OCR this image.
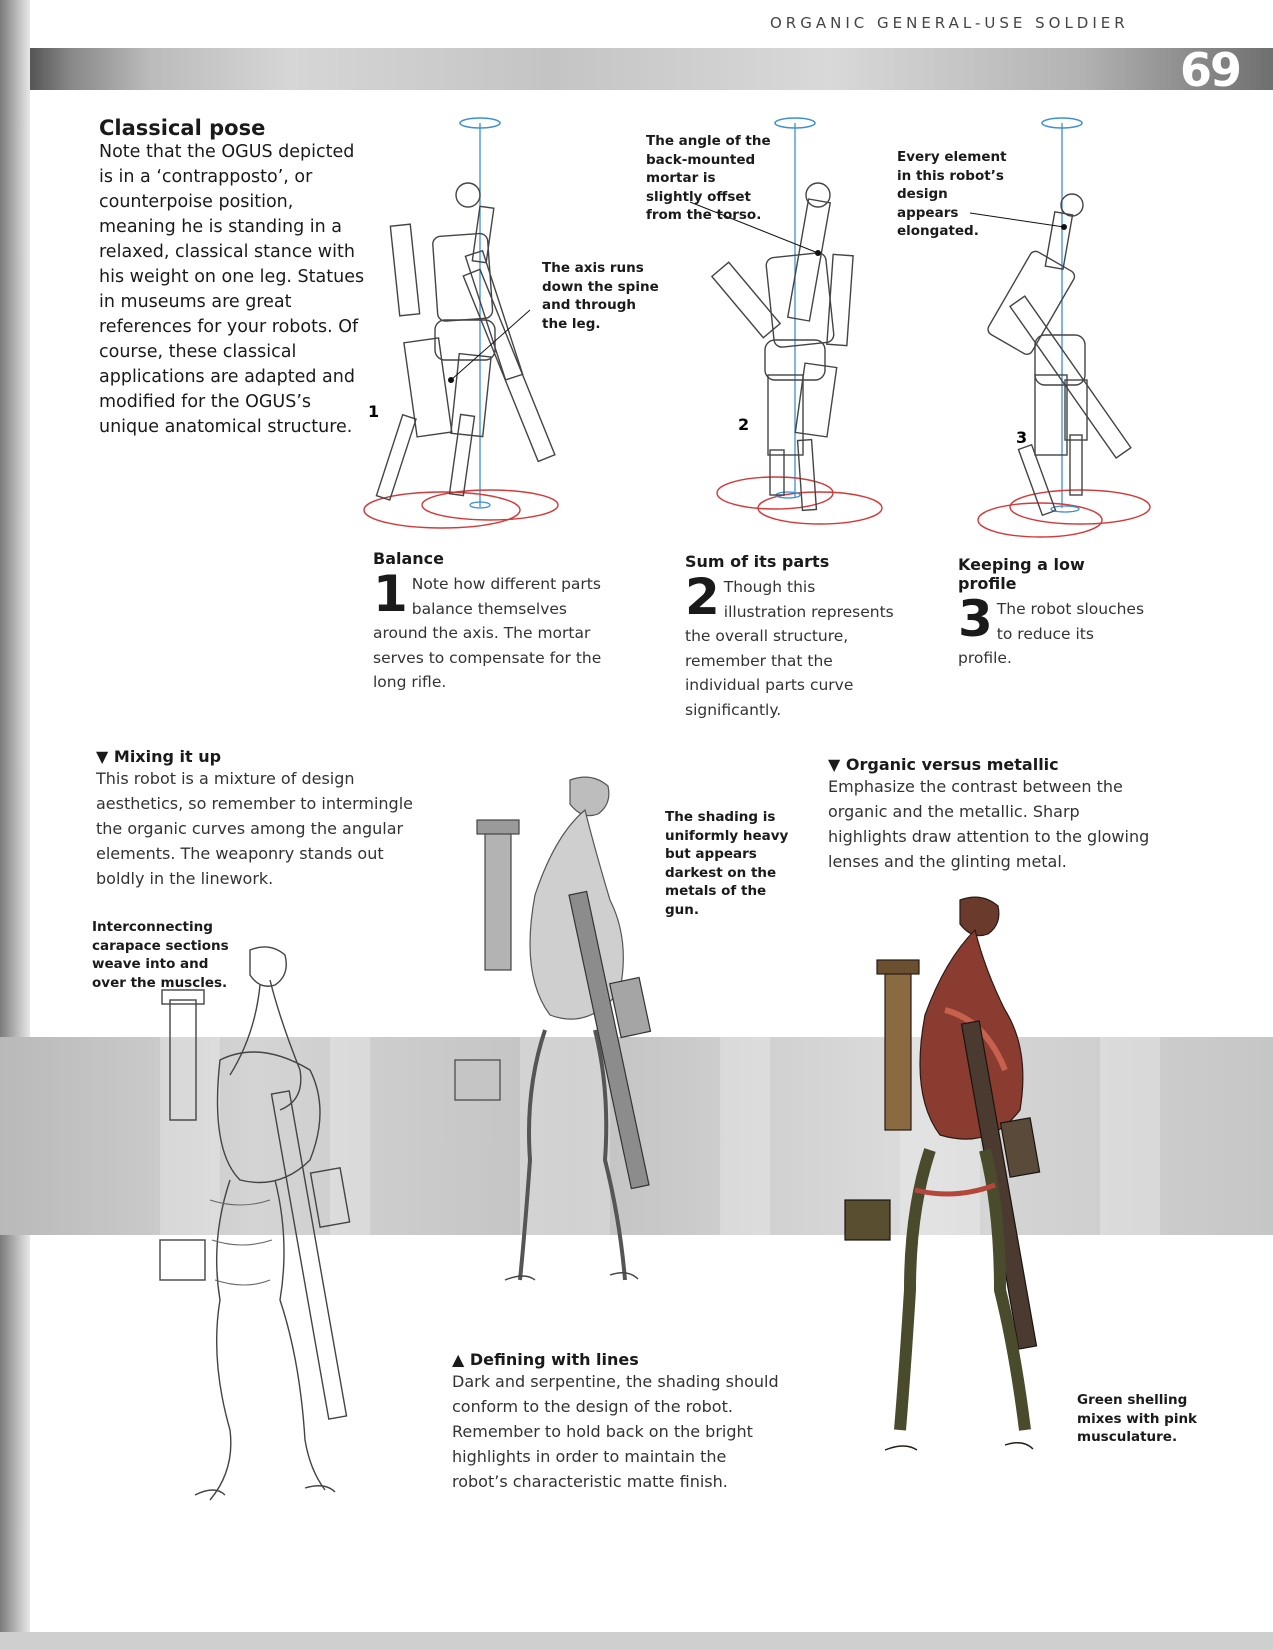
ORGANIC GENERAL-USE SOLDIER
69
Classical pose

Note that the OGUS depicted is in a ‘contrapposto’, or counterpoise position, meaning he is standing in a relaxed, classical stance with his weight on one leg. Statues in museums are great references for your robots. Of course, these classical applications are adapted and modified for the OGUS’s unique anatomical structure.

1
The axis runs down the spine and through the leg.
2
The angle of the back-mounted mortar is slightly offset from the torso.
3
Every element in this robot’s design appears elongated.
Balance
1 Note how different parts balance themselves around the axis. The mortar serves to compensate for the long rifle.
Sum of its parts
2 Though this illustration represents the overall structure, remember that the individual parts curve significantly.
Keeping a low profile
3 The robot slouches to reduce its profile.
▼ Mixing it up

This robot is a mixture of design aesthetics, so remember to intermingle the organic curves among the angular elements. The weaponry stands out boldly in the linework.

▼ Organic versus metallic

Emphasize the contrast between the organic and the metallic. Sharp highlights draw attention to the glowing lenses and the glinting metal.

Interconnecting carapace sections weave into and over the muscles.
The shading is uniformly heavy but appears darkest on the metals of the gun.
Green shelling mixes with pink musculature.
▲ Defining with lines

Dark and serpentine, the shading should conform to the design of the robot. Remember to hold back on the bright highlights in order to maintain the robot’s characteristic matte finish.
